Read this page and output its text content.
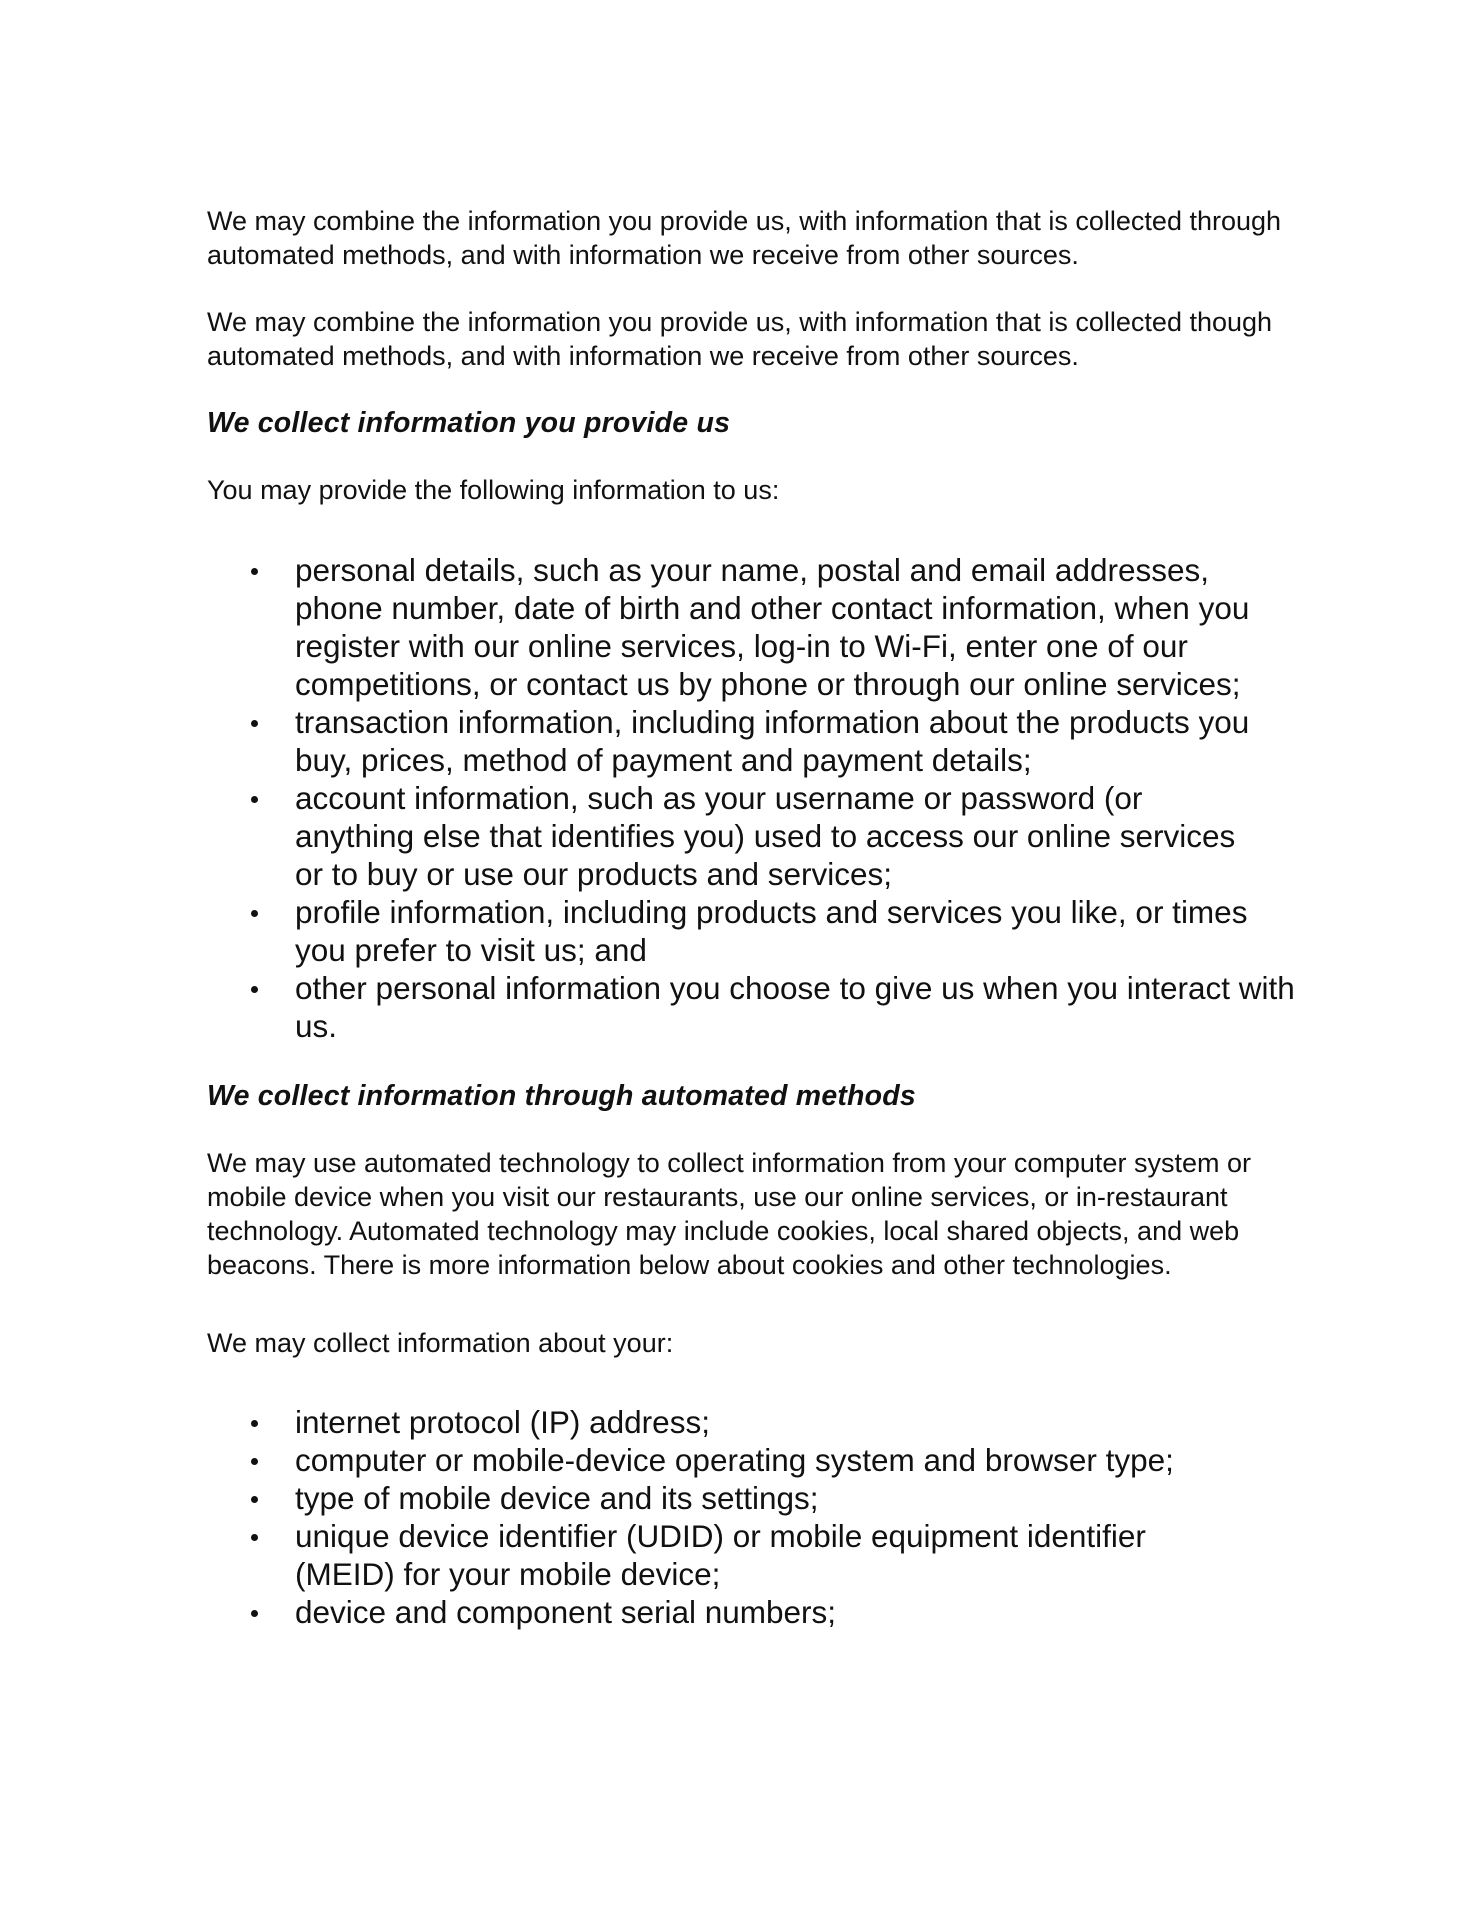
We may combine the information you provide us, with information that is collected through automated methods, and with information we receive from other sources.

We may combine the information you provide us, with information that is collected though automated methods, and with information we receive from other sources.

We collect information you provide us

You may provide the following information to us:

personal details, such as your name, postal and email addresses, phone number, date of birth and other contact information, when you register with our online services, log-in to Wi-Fi, enter one of our competitions, or contact us by phone or through our online services;
transaction information, including information about the products you buy, prices, method of payment and payment details;
account information, such as your username or password (or anything else that identifies you) used to access our online services or to buy or use our products and services;
profile information, including products and services you like, or times you prefer to visit us; and
other personal information you choose to give us when you interact with us.
We collect information through automated methods

We may use automated technology to collect information from your computer system or mobile device when you visit our restaurants, use our online services, or in-restaurant technology. Automated technology may include cookies, local shared objects, and web beacons. There is more information below about cookies and other technologies.

We may collect information about your:

internet protocol (IP) address;
computer or mobile-device operating system and browser type;
type of mobile device and its settings;
unique device identifier (UDID) or mobile equipment identifier (MEID) for your mobile device;
device and component serial numbers;
